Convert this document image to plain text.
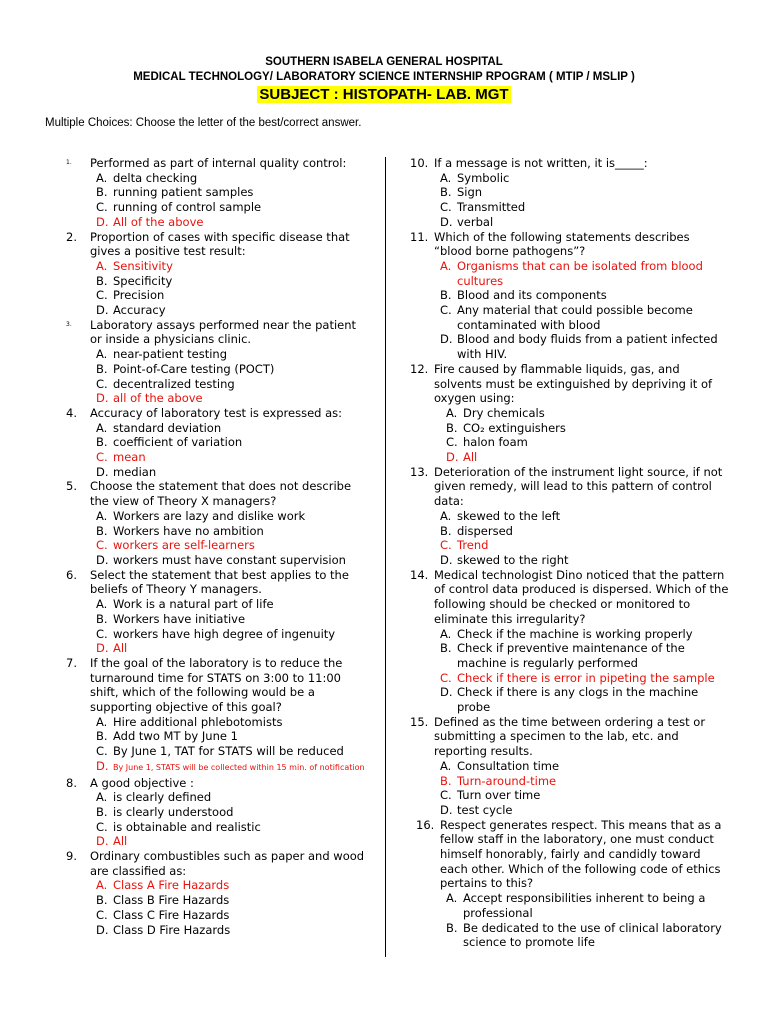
SOUTHERN ISABELA GENERAL HOSPITAL
MEDICAL TECHNOLOGY/ LABORATORY SCIENCE INTERNSHIP RPOGRAM ( MTIP / MSLIP )
SUBJECT : HISTOPATH- LAB. MGT
Multiple Choices: Choose the letter of the best/correct answer.
1. Performed as part of internal quality control:
A. delta checking
B. running patient samples
C. running of control sample
D. All of the above
2. Proportion of cases with specific disease that gives a positive test result:
A. Sensitivity
B. Specificity
C. Precision
D. Accuracy
3. Laboratory assays performed near the patient or inside a physicians clinic.
A. near-patient testing
B. Point-of-Care testing (POCT)
C. decentralized testing
D. all of the above
4. Accuracy of laboratory test is expressed as:
A. standard deviation
B. coefficient of variation
C. mean
D. median
5. Choose the statement that does not describe the view of Theory X managers?
A. Workers are lazy and dislike work
B. Workers have no ambition
C. workers are self-learners
D. workers must have constant supervision
6. Select the statement that best applies to the beliefs of Theory Y managers.
A. Work is a natural part of life
B. Workers have initiative
C. workers have high degree of ingenuity
D. All
7. If the goal of the laboratory is to reduce the turnaround time for STATS on 3:00 to 11:00 shift, which of the following would be a supporting objective of this goal?
A. Hire additional phlebotomists
B. Add two MT by June 1
C. By June 1, TAT for STATS will be reduced
D. By June 1, STATS will be collected within 15 min. of notification
8. A good objective :
A. is clearly defined
B. is clearly understood
C. is obtainable and realistic
D. All
9. Ordinary combustibles such as paper and wood are classified as:
A. Class A Fire Hazards
B. Class B Fire Hazards
C. Class C Fire Hazards
D. Class D Fire Hazards
10. If a message is not written, it is_____:
A. Symbolic
B. Sign
C. Transmitted
D. verbal
11. Which of the following statements describes “blood borne pathogens”?
A. Organisms that can be isolated from blood cultures
B. Blood and its components
C. Any material that could possible become contaminated with blood
D. Blood and body fluids from a patient infected with HIV.
12. Fire caused by flammable liquids, gas, and solvents must be extinguished by depriving it of oxygen using:
A. Dry chemicals
B. CO₂ extinguishers
C. halon foam
D. All
13. Deterioration of the instrument light source, if not given remedy, will lead to this pattern of control data:
A. skewed to the left
B. dispersed
C. Trend
D. skewed to the right
14. Medical technologist Dino noticed that the pattern of control data produced is dispersed. Which of the following should be checked or monitored to eliminate this irregularity?
A. Check if the machine is working properly
B. Check if preventive maintenance of the machine is regularly performed
C. Check if there is error in pipeting the sample
D. Check if there is any clogs in the machine probe
15. Defined as the time between ordering a test or submitting a specimen to the lab, etc. and reporting results.
A. Consultation time
B. Turn-around-time
C. Turn over time
D. test cycle
16. Respect generates respect. This means that as a fellow staff in the laboratory, one must conduct himself honorably, fairly and candidly toward each other. Which of the following code of ethics pertains to this?
A. Accept responsibilities inherent to being a professional
B. Be dedicated to the use of clinical laboratory science to promote life
